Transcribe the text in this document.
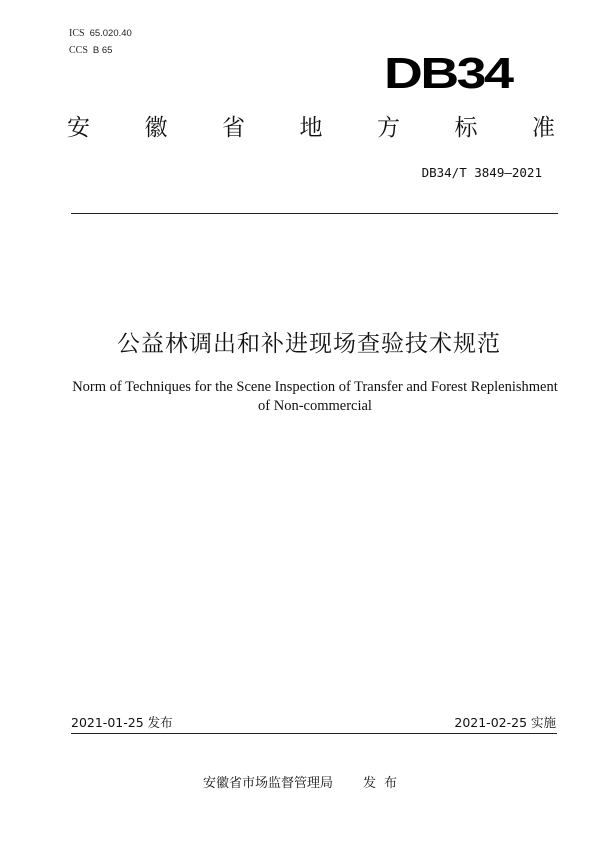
ICS 65.020.40
CCS B 65	DB34
安 徽 省 地 方 标 准
DB34/T 3849—2021
公益林调出和补进现场查验技术规范
Norm of Techniques for the Scene Inspection of Transfer and Forest Replenishment
of Non-commercial
2021-01-25 发布	2021-02-25 实施
安徽省市场监督管理局 发布
